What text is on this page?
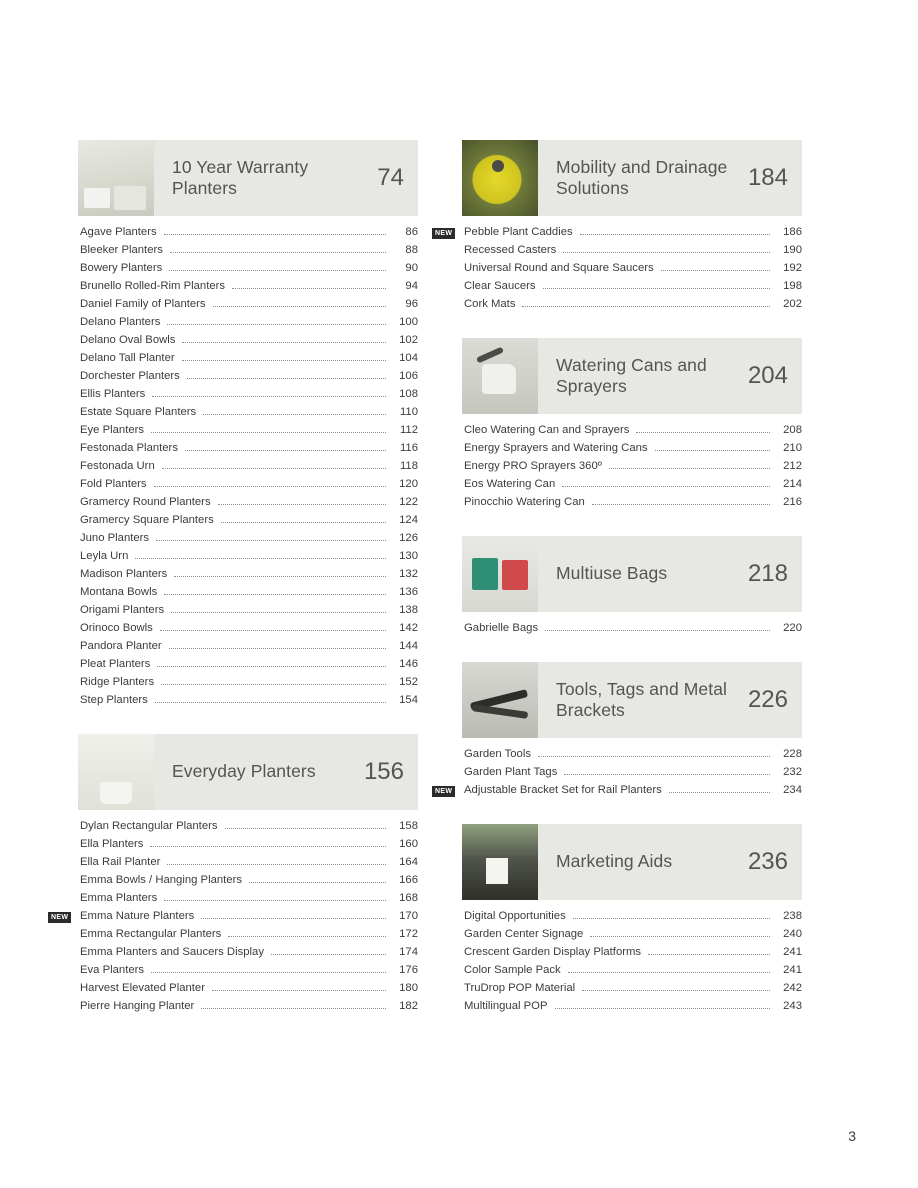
10 Year Warranty Planters	74
Agave Planters	86
Bleeker Planters	88
Bowery Planters	90
Brunello Rolled-Rim Planters	94
Daniel Family of Planters	96
Delano Planters	100
Delano Oval Bowls	102
Delano Tall Planter	104
Dorchester Planters	106
Ellis Planters	108
Estate Square Planters	110
Eye Planters	112
Festonada Planters	116
Festonada Urn	118
Fold Planters	120
Gramercy Round Planters	122
Gramercy Square Planters	124
Juno Planters	126
Leyla Urn	130
Madison Planters	132
Montana Bowls	136
Origami Planters	138
Orinoco Bowls	142
Pandora Planter	144
Pleat Planters	146
Ridge Planters	152
Step Planters	154
Everyday Planters	156
Dylan Rectangular Planters	158
Ella Planters	160
Ella Rail Planter	164
Emma Bowls / Hanging Planters	166
Emma Planters	168
NEW Emma Nature Planters	170
Emma Rectangular Planters	172
Emma Planters and Saucers Display	174
Eva Planters	176
Harvest Elevated Planter	180
Pierre Hanging Planter	182
Mobility and Drainage Solutions	184
NEW Pebble Plant Caddies	186
Recessed Casters	190
Universal Round and Square Saucers	192
Clear Saucers	198
Cork Mats	202
Watering Cans and Sprayers	204
Cleo Watering Can and Sprayers	208
Energy Sprayers and Watering Cans	210
Energy PRO Sprayers 360º	212
Eos Watering Can	214
Pinocchio Watering Can	216
Multiuse Bags	218
Gabrielle Bags	220
Tools, Tags and Metal Brackets	226
Garden Tools	228
Garden Plant Tags	232
NEW Adjustable Bracket Set for Rail Planters	234
Marketing Aids	236
Digital Opportunities	238
Garden Center Signage	240
Crescent Garden Display Platforms	241
Color Sample Pack	241
TruDrop POP Material	242
Multilingual POP	243
3
